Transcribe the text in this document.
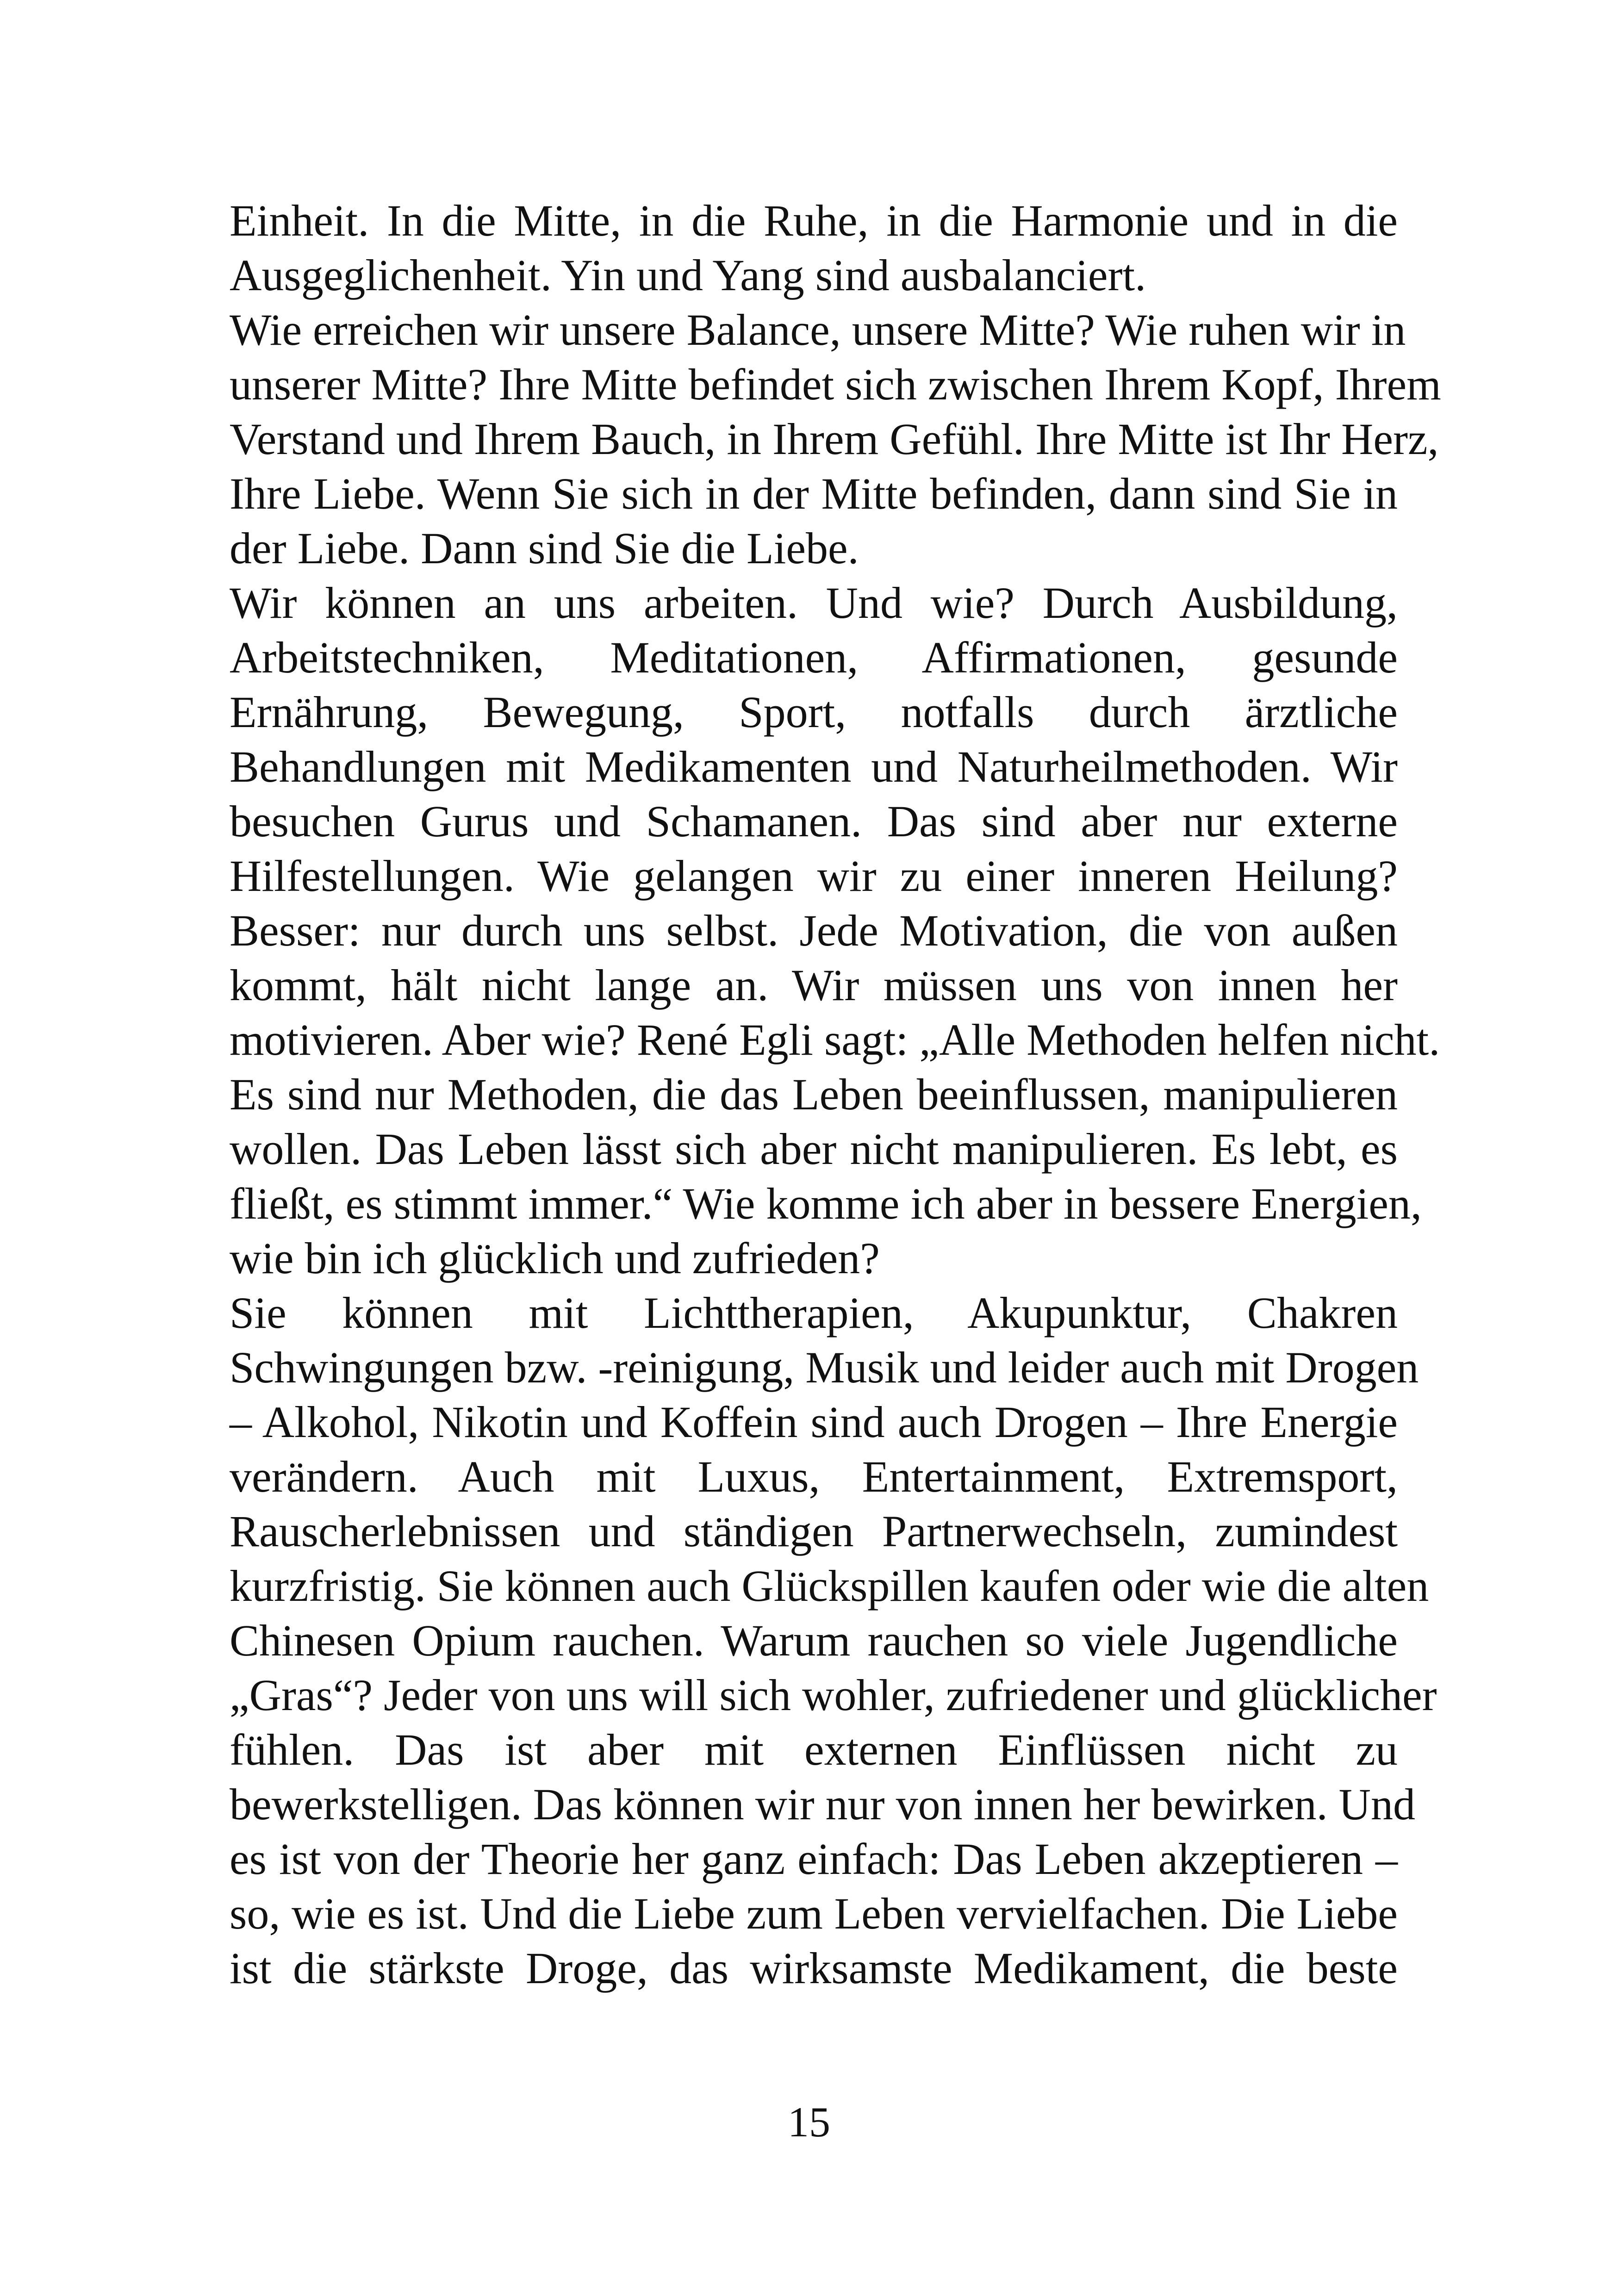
Einheit. In die Mitte, in die Ruhe, in die Harmonie und in die
Ausgeglichenheit. Yin und Yang sind ausbalanciert.
Wie erreichen wir unsere Balance, unsere Mitte? Wie ruhen wir in
unserer Mitte? Ihre Mitte befindet sich zwischen Ihrem Kopf, Ihrem
Verstand und Ihrem Bauch, in Ihrem Gefühl. Ihre Mitte ist Ihr Herz,
Ihre Liebe. Wenn Sie sich in der Mitte befinden, dann sind Sie in
der Liebe. Dann sind Sie die Liebe.
Wir können an uns arbeiten. Und wie? Durch Ausbildung,
Arbeitstechniken, Meditationen, Affirmationen, gesunde
Ernährung, Bewegung, Sport, notfalls durch ärztliche
Behandlungen mit Medikamenten und Naturheilmethoden. Wir
besuchen Gurus und Schamanen. Das sind aber nur externe
Hilfestellungen. Wie gelangen wir zu einer inneren Heilung?
Besser: nur durch uns selbst. Jede Motivation, die von außen
kommt, hält nicht lange an. Wir müssen uns von innen her
motivieren. Aber wie? René Egli sagt: „Alle Methoden helfen nicht.
Es sind nur Methoden, die das Leben beeinflussen, manipulieren
wollen. Das Leben lässt sich aber nicht manipulieren. Es lebt, es
fließt, es stimmt immer.“ Wie komme ich aber in bessere Energien,
wie bin ich glücklich und zufrieden?
Sie können mit Lichttherapien, Akupunktur, Chakren
Schwingungen bzw. -reinigung, Musik und leider auch mit Drogen
– Alkohol, Nikotin und Koffein sind auch Drogen – Ihre Energie
verändern. Auch mit Luxus, Entertainment, Extremsport,
Rauscherlebnissen und ständigen Partnerwechseln, zumindest
kurzfristig. Sie können auch Glückspillen kaufen oder wie die alten
Chinesen Opium rauchen. Warum rauchen so viele Jugendliche
„Gras“? Jeder von uns will sich wohler, zufriedener und glücklicher
fühlen. Das ist aber mit externen Einflüssen nicht zu
bewerkstelligen. Das können wir nur von innen her bewirken. Und
es ist von der Theorie her ganz einfach: Das Leben akzeptieren –
so, wie es ist. Und die Liebe zum Leben vervielfachen. Die Liebe
ist die stärkste Droge, das wirksamste Medikament, die beste
15
